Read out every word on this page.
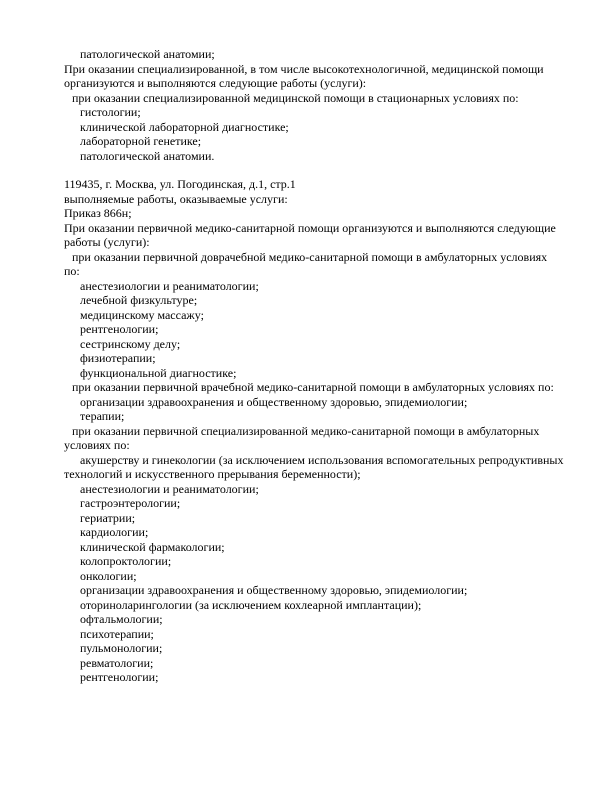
патологической анатомии;
При оказании специализированной, в том числе высокотехнологичной, медицинской помощи
организуются и выполняются следующие работы (услуги):
при оказании специализированной медицинской помощи в стационарных условиях по:
гистологии;
клинической лабораторной диагностике;
лабораторной генетике;
патологической анатомии.
119435, г. Москва, ул. Погодинская, д.1, стр.1
выполняемые работы, оказываемые услуги:
Приказ 866н;
При оказании первичной медико-санитарной помощи организуются и выполняются следующие
работы (услуги):
при оказании первичной доврачебной медико-санитарной помощи в амбулаторных условиях
по:
анестезиологии и реаниматологии;
лечебной физкультуре;
медицинскому массажу;
рентгенологии;
сестринскому делу;
физиотерапии;
функциональной диагностике;
при оказании первичной врачебной медико-санитарной помощи в амбулаторных условиях по:
организации здравоохранения и общественному здоровью, эпидемиологии;
терапии;
при оказании первичной специализированной медико-санитарной помощи в амбулаторных
условиях по:
акушерству и гинекологии (за исключением использования вспомогательных репродуктивных
технологий и искусственного прерывания беременности);
анестезиологии и реаниматологии;
гастроэнтерологии;
гериатрии;
кардиологии;
клинической фармакологии;
колопроктологии;
онкологии;
организации здравоохранения и общественному здоровью, эпидемиологии;
оториноларингологии (за исключением кохлеарной имплантации);
офтальмологии;
психотерапии;
пульмонологии;
ревматологии;
рентгенологии;
